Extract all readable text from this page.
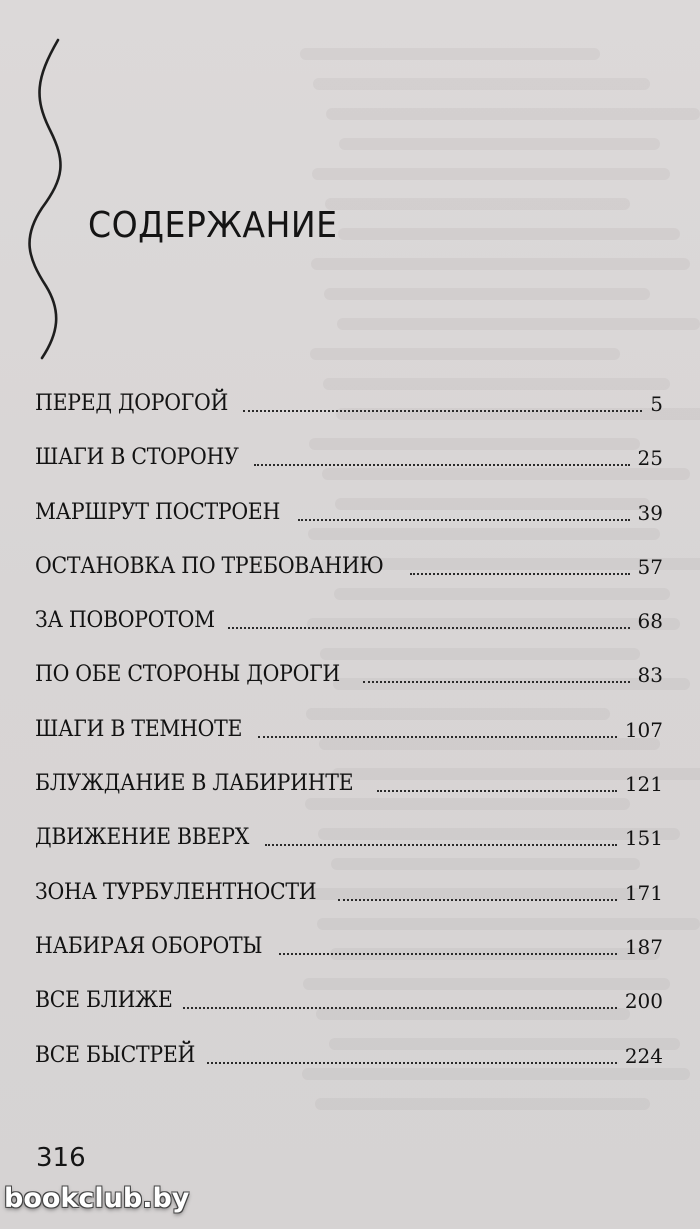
СОДЕРЖАНИЕ
ПЕРЕД ДОРОГОЙ	5
ШАГИ В СТОРОНУ	25
МАРШРУТ ПОСТРОЕН	39
ОСТАНОВКА ПО ТРЕБОВАНИЮ	57
ЗА ПОВОРОТОМ	68
ПО ОБЕ СТОРОНЫ ДОРОГИ	83
ШАГИ В ТЕМНОТЕ	107
БЛУЖДАНИЕ В ЛАБИРИНТЕ	121
ДВИЖЕНИЕ ВВЕРХ	151
ЗОНА ТУРБУЛЕНТНОСТИ	171
НАБИРАЯ ОБОРОТЫ	187
ВСЕ БЛИЖЕ	200
ВСЕ БЫСТРЕЙ	224

316

bookclub.by
